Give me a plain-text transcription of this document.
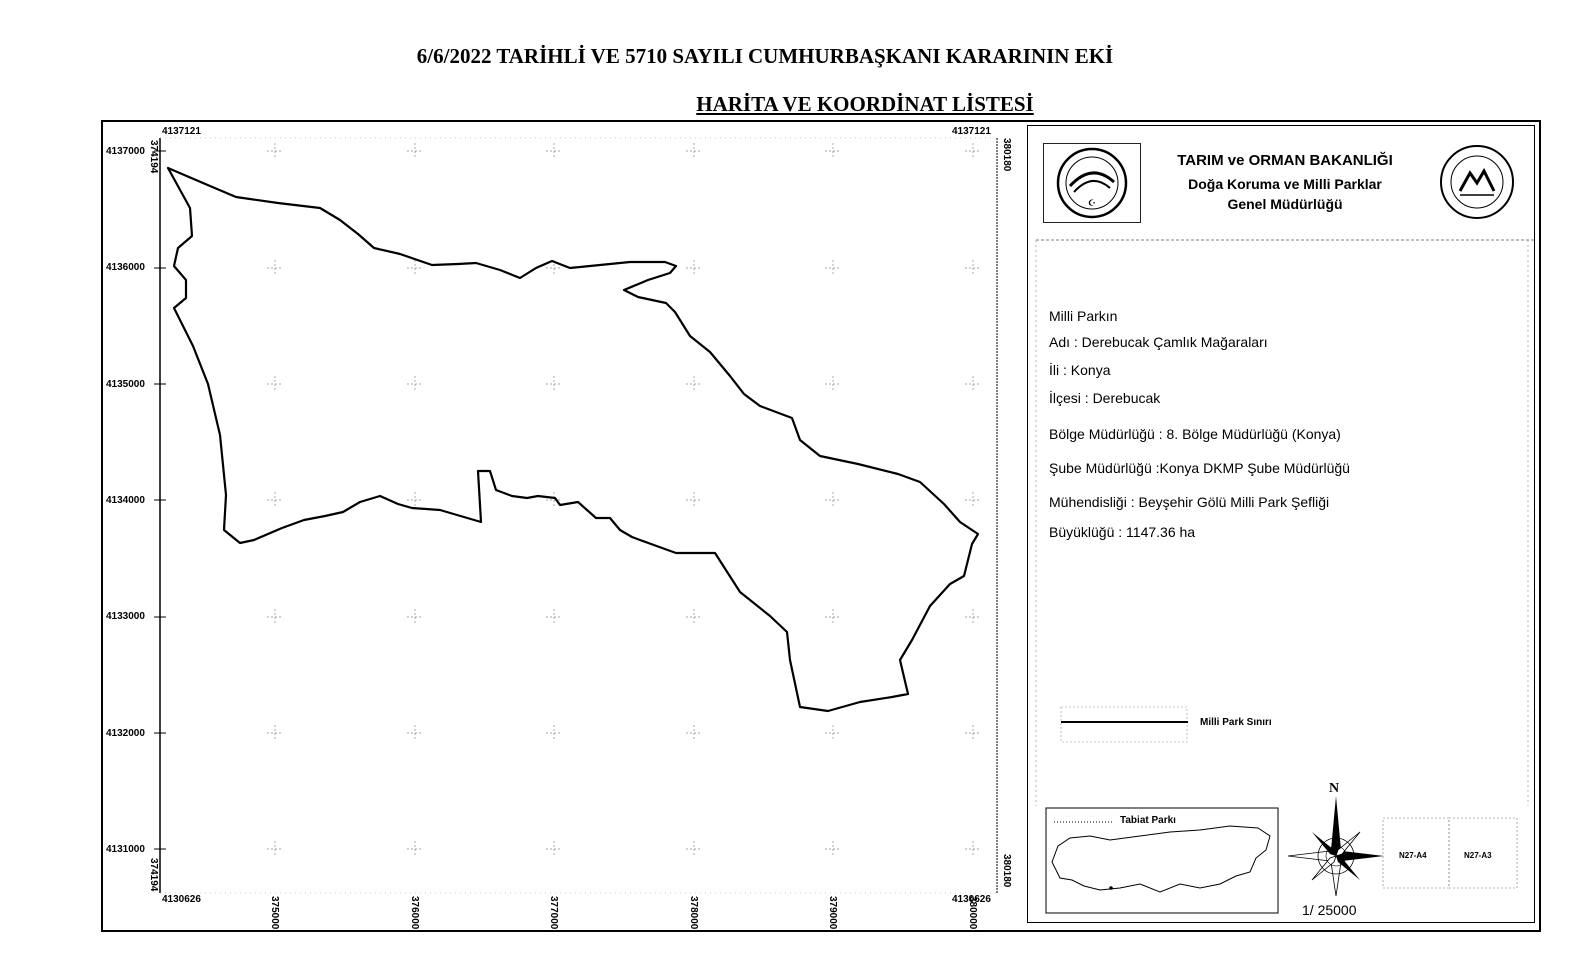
6/6/2022 TARİHLİ VE 5710 SAYILI CUMHURBAŞKANI KARARININ EKİ
HARİTA VE KOORDİNAT LİSTESİ
4137121	4137121
4130626	4130626
374194
374194
380180
380180
4137000
4136000
4135000
4134000
4133000
4132000
4131000
375000	376000	377000	378000	379000	380000
☪
TARIM ve ORMAN BAKANLIĞI
Doğa Koruma ve Milli Parklar
Genel Müdürlüğü
Milli Parkın
Adı : Derebucak Çamlık Mağaraları
İli : Konya
İlçesi : Derebucak
Bölge Müdürlüğü : 8. Bölge Müdürlüğü (Konya)
Şube Müdürlüğü :Konya DKMP Şube Müdürlüğü
Mühendisliği : Beyşehir Gölü Milli Park Şefliği
Büyüklüğü : 1147.36 ha
Milli Park Sınırı
Tabiat Parkı
N
1/ 25000
N27-A4	N27-A3
